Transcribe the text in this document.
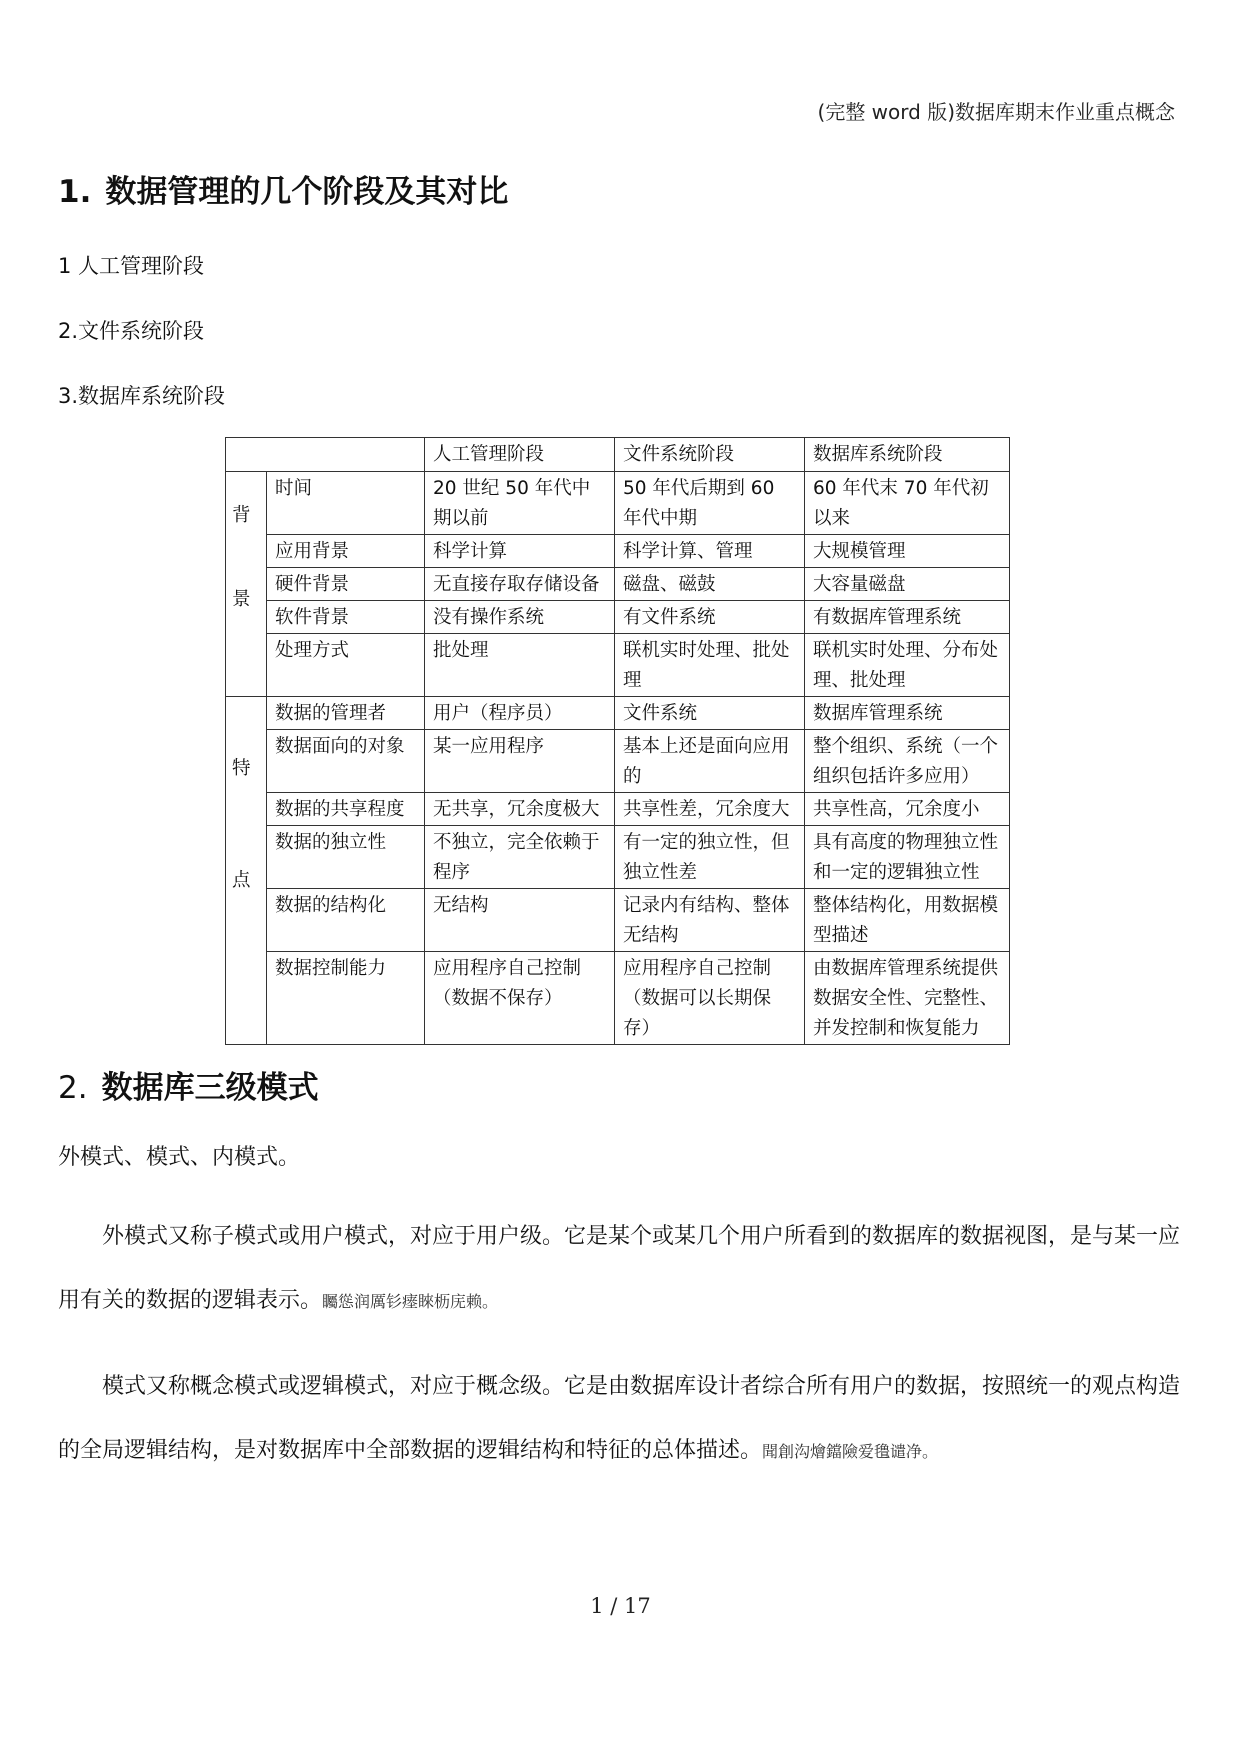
(完整 word 版)数据库期末作业重点概念
1. 数据管理的几个阶段及其对比
1 人工管理阶段
2.文件系统阶段
3.数据库系统阶段
		人工管理阶段	文件系统阶段	数据库系统阶段

背

景	时间	20 世纪 50 年代中期以前	50 年代后期到 60 年代中期	60 年代末 70 年代初以来
	应用背景	科学计算	科学计算、管理	大规模管理
	硬件背景	无直接存取存储设备	磁盘、磁鼓	大容量磁盘
	软件背景	没有操作系统	有文件系统	有数据库管理系统
	处理方式	批处理	联机实时处理、批处理	联机实时处理、分布处理、批处理

特

点	数据的管理者	用户（程序员）	文件系统	数据库管理系统
	数据面向的对象	某一应用程序	基本上还是面向应用的	整个组织、系统（一个组织包括许多应用）
	数据的共享程度	无共享，冗余度极大	共享性差，冗余度大	共享性高，冗余度小
	数据的独立性	不独立，完全依赖于程序	有一定的独立性，但独立性差	具有高度的物理独立性和一定的逻辑独立性
	数据的结构化	无结构	记录内有结构、整体无结构	整体结构化，用数据模型描述
	数据控制能力	应用程序自己控制（数据不保存）	应用程序自己控制（数据可以长期保存）	由数据库管理系统提供数据安全性、完整性、并发控制和恢复能力
2. 数据库三级模式
外模式、模式、内模式。
外模式又称子模式或用户模式，对应于用户级。它是某个或某几个用户所看到的数据库的数据视图，是与某一应用有关的数据的逻辑表示。矚慫润厲钐瘗睞枥庑赖。
模式又称概念模式或逻辑模式，对应于概念级。它是由数据库设计者综合所有用户的数据，按照统一的观点构造的全局逻辑结构，是对数据库中全部数据的逻辑结构和特征的总体描述。聞創沟燴鐺險爱氇谴净。
1 / 17
